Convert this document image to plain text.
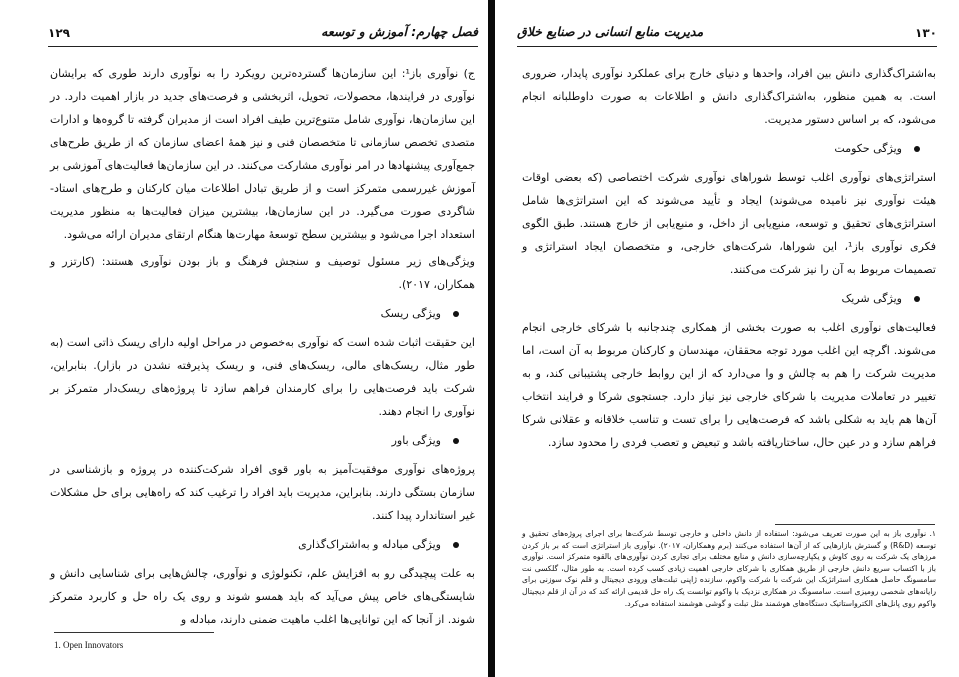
۱۲۹	فصل چهارم: آموزش و توسعه

ج) نوآوری باز¹: این سازمان‌ها گسترده‌ترین رویکرد را به نوآوری دارند طوری که برایشان نوآوری در فرایندها، محصولات، تحویل، اثربخشی و فرصت‌های جدید در بازار اهمیت دارد. در این سازمان‌ها، نوآوری شامل متنوع‌ترین طیف افراد است از مدیران گرفته تا گروه‌ها و ادارات متصدی تخصص سازمانی تا متخصصان فنی و نیز همهٔ اعضای سازمان که از طریق طرح‌های جمع‌آوری پیشنهادها در امر نوآوری مشارکت می‌کنند. در این سازمان‌ها فعالیت‌های آموزشی بر آموزش غیررسمی متمرکز است و از طریق تبادل اطلاعات میان کارکنان و طرح‌های استاد- شاگردی صورت می‌گیرد. در این سازمان‌ها، بیشترین میزان فعالیت‌ها به منظور مدیریت استعداد اجرا می‌شود و بیشترین سطح توسعهٔ مهارت‌ها هنگام ارتقای مدیران ارائه می‌شود.

ویژگی‌های زیر مسئول توصیف و سنجش فرهنگ و باز بودن نوآوری هستند: (کارتزر و همکاران، ۲۰۱۷).

ویژگی ریسک

این حقیقت اثبات شده است که نوآوری به‌خصوص در مراحل اولیه دارای ریسک ذاتی است (به طور مثال، ریسک‌های مالی، ریسک‌های فنی، و ریسک پذیرفته نشدن در بازار). بنابراین، شرکت باید فرصت‌هایی را برای کارمندان فراهم سازد تا پروژه‌های ریسک‌دار متمرکز بر نوآوری را انجام دهند.

ویژگی باور

پروژه‌های نوآوری موفقیت‌آمیز به باور قوی افراد شرکت‌کننده در پروژه و بازشناسی در سازمان بستگی دارند. بنابراین، مدیریت باید افراد را ترغیب کند که راه‌هایی برای حل مشکلات غیر استاندارد پیدا کنند.

ویژگی مبادله و به‌اشتراک‌گذاری

به علت پیچیدگی رو به افزایش علم، تکنولوژی و نوآوری، چالش‌هایی برای شناسایی دانش و شایستگی‌های خاص پیش می‌آید که باید همسو شوند و روی یک راه حل و کاربرد متمرکز شوند. از آنجا که این توانایی‌ها اغلب ماهیت ضمنی دارند، مبادله و

1. Open Innovators
۱۳۰
مدیریت منابع انسانی در صنایع خلاق

به‌اشتراک‌گذاری دانش بین افراد، واحدها و دنیای خارج برای عملکرد نوآوری پایدار، ضروری است. به همین منظور، به‌اشتراک‌گذاری دانش و اطلاعات به صورت داوطلبانه انجام می‌شود، که بر اساس دستور مدیریت.

ویژگی حکومت

استراتژی‌های نوآوری اغلب توسط شوراهای نوآوری شرکت اختصاصی (که بعضی اوقات هیئت نوآوری نیز نامیده می‌شوند) ایجاد و تأیید می‌شوند که این استراتژی‌ها شامل استراتژی‌های تحقیق و توسعه، منبع‌یابی از داخل، و منبع‌یابی از خارج هستند. طبق الگوی فکری نوآوری باز¹، این شوراها، شرکت‌های خارجی، و متخصصان ایجاد استراتژی و تصمیمات مربوط به آن را نیز شرکت می‌کنند.

ویژگی شریک

فعالیت‌های نوآوری اغلب به صورت بخشی از همکاری چندجانبه با شرکای خارجی انجام می‌شوند. اگرچه این اغلب مورد توجه محققان، مهندسان و کارکنان مربوط به آن است، اما مدیریت شرکت را هم به چالش و وا می‌دارد که از این روابط خارجی پشتیبانی کند، و به تغییر در تعاملات مدیریت با شرکای خارجی نیز نیاز دارد. جستجوی شرکا و فرایند انتخاب آن‌ها هم باید به شکلی باشد که فرصت‌هایی را برای تست و تناسب خلاقانه و عقلانی شرکا فراهم سازد و در عین حال، ساختاریافته باشد و تبعیض و تعصب فردی را محدود سازد.

۱. نوآوری باز به این صورت تعریف می‌شود: استفاده از دانش داخلی و خارجی توسط شرکت‌ها برای اجرای پروژه‌های تحقیق و توسعه (R&D) و گسترش بازارهایی که از آن‌ها استفاده می‌کنند (برم وهمکاران، ۲۰۱۷). نوآوری باز استراتژی است که بر باز کردن مرزهای یک شرکت به روی کاوش و یکپارچه‌سازی دانش و منابع مختلف برای تجاری کردن نوآوری‌های بالقوه متمرکز است. نوآوری باز با اکتساب سریع دانش خارجی از طریق همکاری با شرکای خارجی اهمیت زیادی کسب کرده است. به طور مثال، گلکسی نت سامسونگ حاصل همکاری استراتژیک این شرکت با شرکت واکوم، سازنده ژاپنی تبلت‌های ورودی دیجیتال و قلم نوک سوزنی برای رایانه‌های شخصی رومیزی است. سامسونگ در همکاری نزدیک با واکوم توانست یک راه حل قدیمی ارائه کند که در آن از قلم دیجیتال واکوم روی پانل‌های الکترواستاتیک دستگاه‌های هوشمند مثل تبلت و گوشی هوشمند استفاده می‌کرد.
